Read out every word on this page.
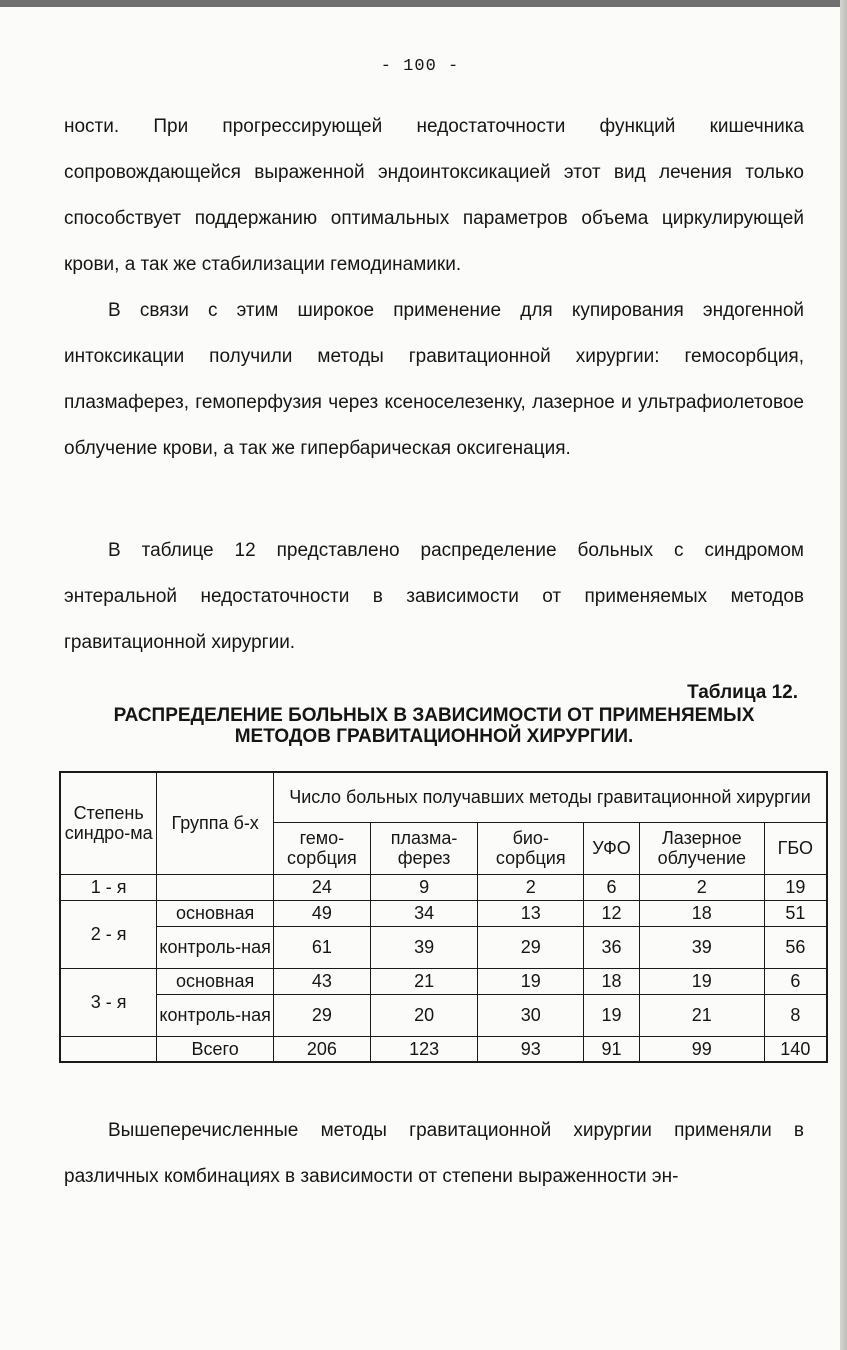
- 100 -

ности. При прогрессирующей недостаточности функций кишечника сопровождающейся выраженной эндоинтоксикацией этот вид лечения только способствует поддержанию оптимальных параметров объема циркулирующей крови, а так же стабилизации гемодинамики.

В связи с этим широкое применение для купирования эндогенной интоксикации получили методы гравитационной хирургии: гемосорбция, плазмаферез, гемоперфузия через ксеноселезенку, лазерное и ультрафиолетовое облучение крови, а так же гипербарическая оксигенация.

В таблице 12 представлено распределение больных с синдромом энтеральной недостаточности в зависимости от применяемых методов гравитационной хирургии.

Таблица 12.
РАСПРЕДЕЛЕНИЕ БОЛЬНЫХ В ЗАВИСИМОСТИ ОТ ПРИМЕНЯЕМЫХ
МЕТОДОВ ГРАВИТАЦИОННОЙ ХИРУРГИИ.
Степень синдро-ма	Группа б-х	Число больных получавших методы гравитационной хирургии					
		гемо-сорбция	плазма-ферез	био-сорбция	УФО	Лазерное облучение	ГБО
1 - я		24	9	2	6	2	19
2 - я	основная	49	34	13	12	18	51
	контроль-ная	61	39	29	36	39	56
3 - я	основная	43	21	19	18	19	6
	контроль-ная	29	20	30	19	21	8
	Всего	206	123	93	91	99	140

Вышеперечисленные методы гравитационной хирургии применяли в различных комбинациях в зависимости от степени выраженности эн-
